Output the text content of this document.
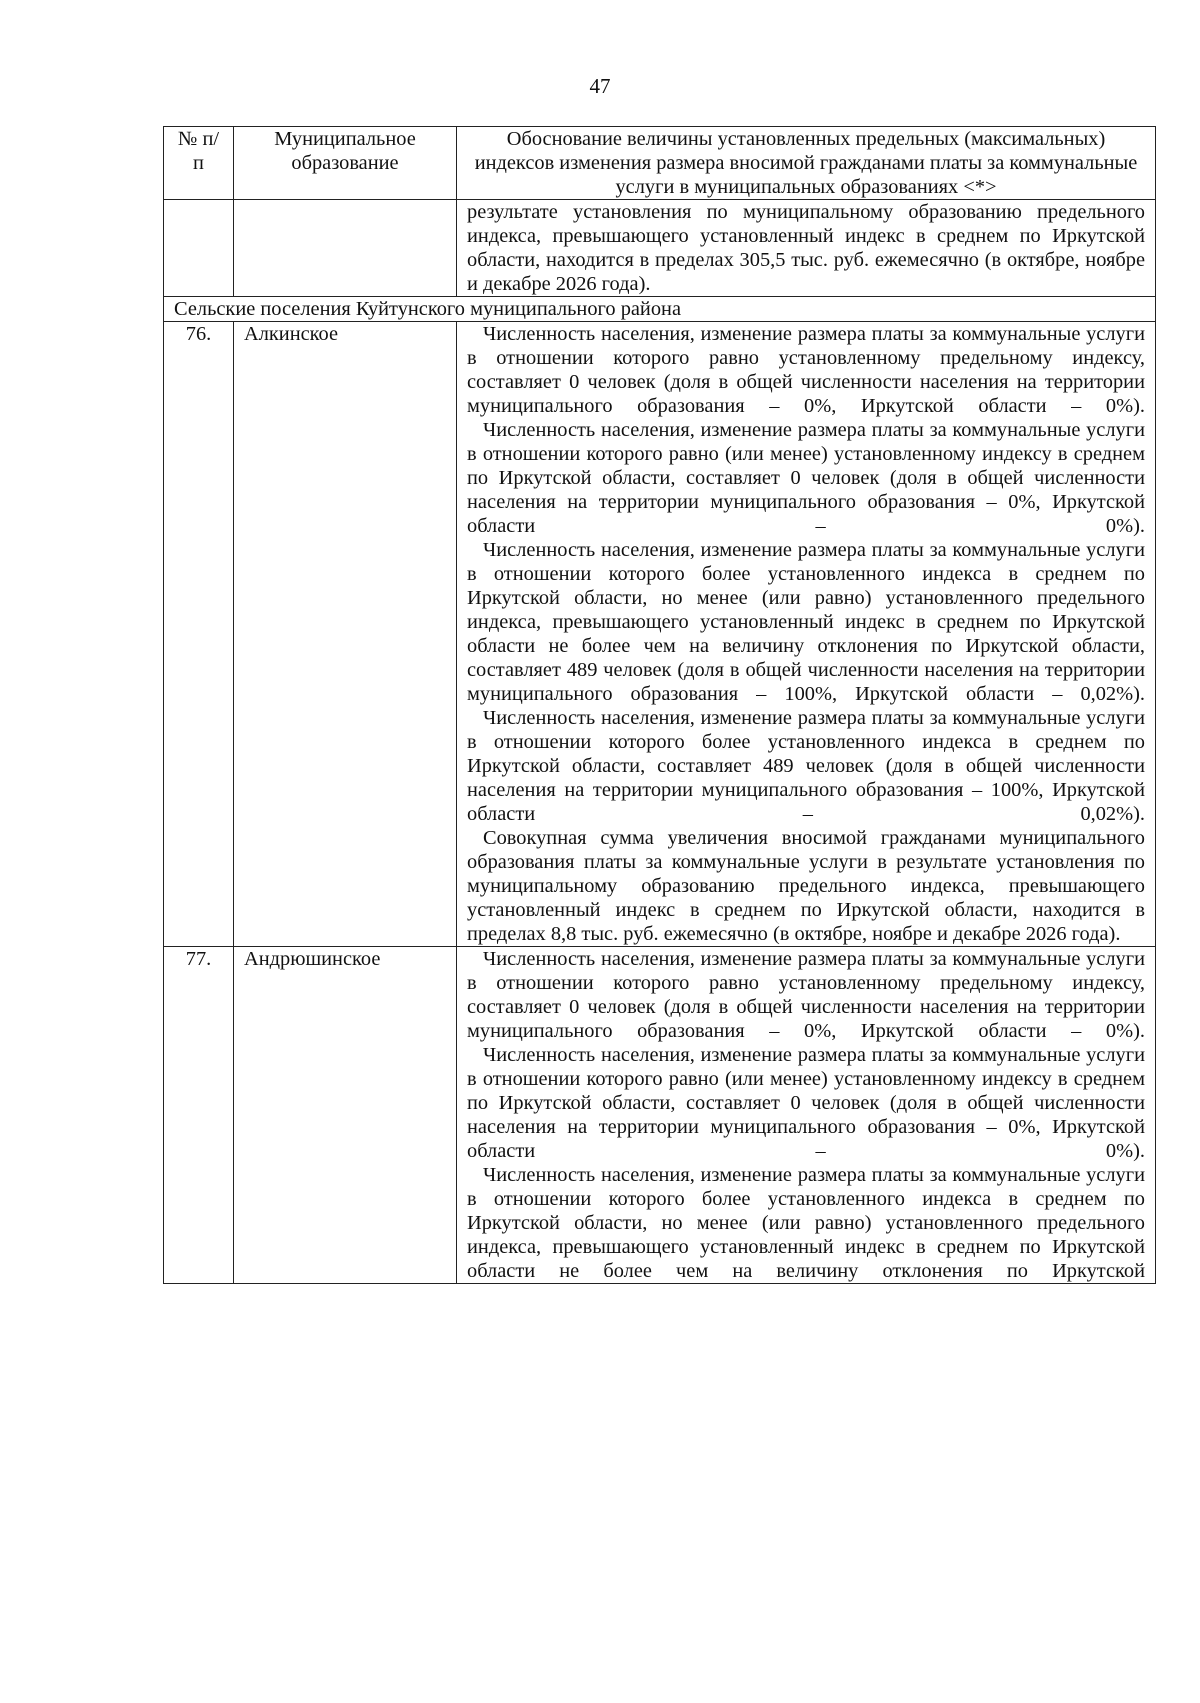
47
№ п/п	Муниципальное образование	Обоснование величины установленных предельных (максимальных) индексов изменения размера вносимой гражданами платы за коммунальные услуги в муниципальных образованиях <*>

		результате установления по муниципальному образованию предельного индекса, превышающего установленный индекс в среднем по Иркутской области, находится в пределах 305,5 тыс. руб. ежемесячно (в октябре, ноябре и декабре 2026 года).

Сельские поселения Куйтунского муниципального района		
76.	Алкинское	Численность населения, изменение размера платы за коммунальные услуги в отношении которого равно установленному предельному индексу, составляет 0 человек (доля в общей численности населения на территории муниципального образования – 0%, Иркутской области – 0%).
Численность населения, изменение размера платы за коммунальные услуги в отношении которого равно (или менее) установленному индексу в среднем по Иркутской области, составляет 0 человек (доля в общей численности населения на территории муниципального образования – 0%, Иркутской области – 0%).
Численность населения, изменение размера платы за коммунальные услуги в отношении которого более установленного индекса в среднем по Иркутской области, но менее (или равно) установленного предельного индекса, превышающего установленный индекс в среднем по Иркутской области не более чем на величину отклонения по Иркутской области, составляет 489 человек (доля в общей численности населения на территории муниципального образования – 100%, Иркутской области – 0,02%).
Численность населения, изменение размера платы за коммунальные услуги в отношении которого более установленного индекса в среднем по Иркутской области, составляет 489 человек (доля в общей численности населения на территории муниципального образования – 100%, Иркутской области – 0,02%).
Совокупная сумма увеличения вносимой гражданами муниципального образования платы за коммунальные услуги в результате установления по муниципальному образованию предельного индекса, превышающего установленный индекс в среднем по Иркутской области, находится в пределах 8,8 тыс. руб. ежемесячно (в октябре, ноябре и декабре 2026 года).

77.	Андрюшинское	Численность населения, изменение размера платы за коммунальные услуги в отношении которого равно установленному предельному индексу, составляет 0 человек (доля в общей численности населения на территории муниципального образования – 0%, Иркутской области – 0%).
Численность населения, изменение размера платы за коммунальные услуги в отношении которого равно (или менее) установленному индексу в среднем по Иркутской области, составляет 0 человек (доля в общей численности населения на территории муниципального образования – 0%, Иркутской области – 0%).
Численность населения, изменение размера платы за коммунальные услуги в отношении которого более установленного индекса в среднем по Иркутской области, но менее (или равно) установленного предельного индекса, превышающего установленный индекс в среднем по Иркутской области не более чем на величину отклонения по Иркутской
